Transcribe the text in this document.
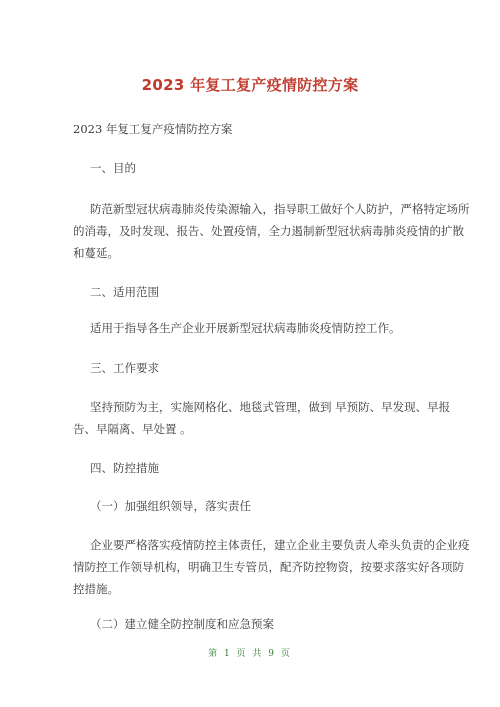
2023 年复工复产疫情防控方案
2023 年复工复产疫情防控方案
一、目的
防范新型冠状病毒肺炎传染源输入，指导职工做好个人防护，严格特定场所
的消毒，及时发现、报告、处置疫情，全力遏制新型冠状病毒肺炎疫情的扩散
和蔓延。
二、适用范围
适用于指导各生产企业开展新型冠状病毒肺炎疫情防控工作。
三、工作要求
坚持预防为主，实施网格化、地毯式管理，做到 早预防、早发现、早报
告、早隔离、早处置 。
四、防控措施
（一）加强组织领导，落实责任
企业要严格落实疫情防控主体责任，建立企业主要负责人牵头负责的企业疫
情防控工作领导机构，明确卫生专管员，配齐防控物资，按要求落实好各项防
控措施。
（二）建立健全防控制度和应急预案
第 1 页 共 9 页
